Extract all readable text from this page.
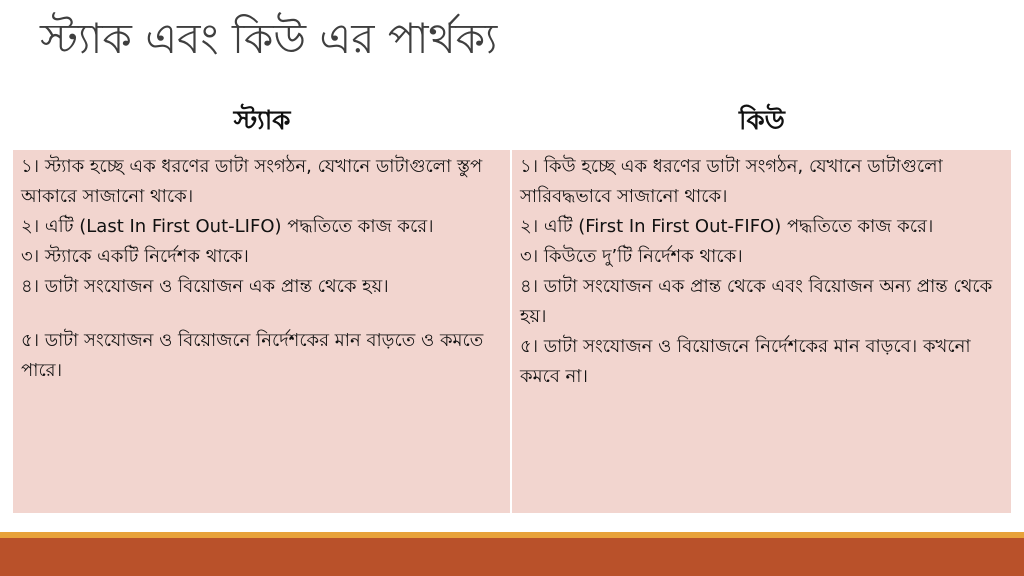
স্ট্যাক এবং কিউ এর পার্থক্য
স্ট্যাক	কিউ
১। স্ট্যাক হচ্ছে এক ধরণের ডাটা সংগঠন, যেখানে ডাটাগুলো স্তুপ আকারে সাজানো থাকে।
২। এটি (Last In First Out-LIFO) পদ্ধতিতে কাজ করে।
৩। স্ট্যাকে একটি নির্দেশক থাকে।
৪। ডাটা সংযোজন ও বিয়োজন এক প্রান্ত থেকে হয়।
৫। ডাটা সংযোজন ও বিয়োজনে নির্দেশকের মান বাড়তে ও কমতে পারে।
১। কিউ হচ্ছে এক ধরণের ডাটা সংগঠন, যেখানে ডাটাগুলো সারিবদ্ধভাবে সাজানো থাকে।
২। এটি (First In First Out-FIFO) পদ্ধতিতে কাজ করে।
৩। কিউতে দু’টি নির্দেশক থাকে।
৪। ডাটা সংযোজন এক প্রান্ত থেকে এবং বিয়োজন অন্য প্রান্ত থেকে হয়।
৫। ডাটা সংযোজন ও বিয়োজনে নির্দেশকের মান বাড়বে। কখনো কমবে না।
